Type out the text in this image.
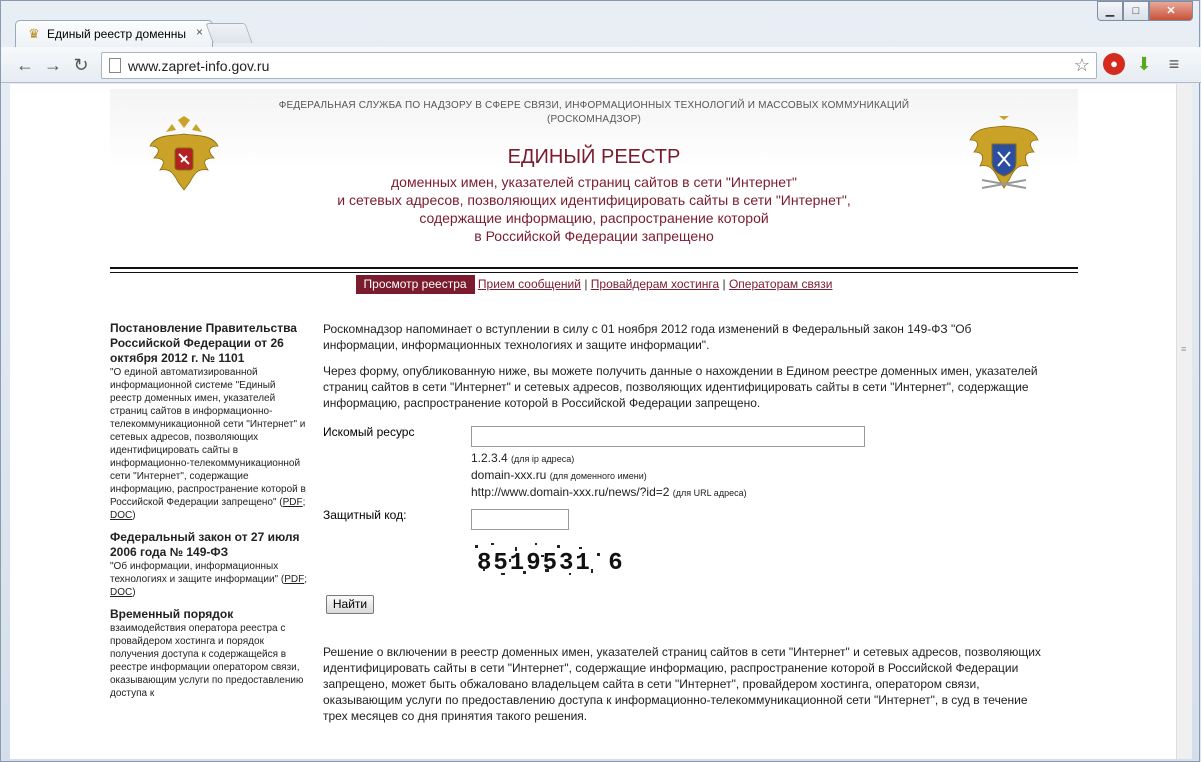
♛ Единый реестр доменны ×
▁	□	✕
← → ↻	www.zapret-info.gov.ru	☆	●	⬇ ≡
ФЕДЕРАЛЬНАЯ СЛУЖБА ПО НАДЗОРУ В СФЕРЕ СВЯЗИ, ИНФОРМАЦИОННЫХ ТЕХНОЛОГИЙ И МАССОВЫХ КОММУНИКАЦИЙ
(РОСКОМНАДЗОР)
ЕДИНЫЙ РЕЕСТР
доменных имен, указателей страниц сайтов в сети "Интернет"
и сетевых адресов, позволяющих идентифицировать сайты в сети "Интернет",
содержащие информацию, распространение которой
в Российской Федерации запрещено
Просмотр реестра Прием сообщений | Провайдерам хостинга | Операторам связи
Постановление Правительства Российской Федерации от 26 октября 2012 г. № 1101

"О единой автоматизированной информационной системе "Единый реестр доменных имен, указателей страниц сайтов в информационно-телекоммуникационной сети "Интернет" и сетевых адресов, позволяющих идентифицировать сайты в информационно-телекоммуникационной сети "Интернет", содержащие информацию, распространение которой в Российской Федерации запрещено" (PDF; DOC)

Федеральный закон от 27 июля 2006 года № 149-ФЗ

"Об информации, информационных технологиях и защите информации" (PDF; DOC)

Временный порядок

взаимодействия оператора реестра с провайдером хостинга и порядок получения доступа к содержащейся в реестре информации оператором связи, оказывающим услуги по предоставлению доступа к

Роскомнадзор напоминает о вступлении в силу с 01 ноября 2012 года изменений в Федеральный закон 149-ФЗ "Об информации, информационных технологиях и защите информации".

Через форму, опубликованную ниже, вы можете получить данные о нахождении в Едином реестре доменных имен, указателей страниц сайтов в сети "Интернет" и сетевых адресов, позволяющих идентифицировать сайты в сети "Интернет", содержащие информацию, распространение которой в Российской Федерации запрещено.

Искомый ресурс
1.2.3.4 (для ip адреса)
domain-xxx.ru (для доменного имени)
http://www.domain-xxx.ru/news/?id=2 (для URL адреса)
Защитный код:
8519531 6
Найти

Решение о включении в реестр доменных имен, указателей страниц сайтов в сети "Интернет" и сетевых адресов, позволяющих идентифицировать сайты в сети "Интернет", содержащие информацию, распространение которой в Российской Федерации запрещено, может быть обжаловано владельцем сайта в сети "Интернет", провайдером хостинга, оператором связи, оказывающим услуги по предоставлению доступа к информационно-телекоммуникационной сети "Интернет", в суд в течение трех месяцев со дня принятия такого решения.

≡
